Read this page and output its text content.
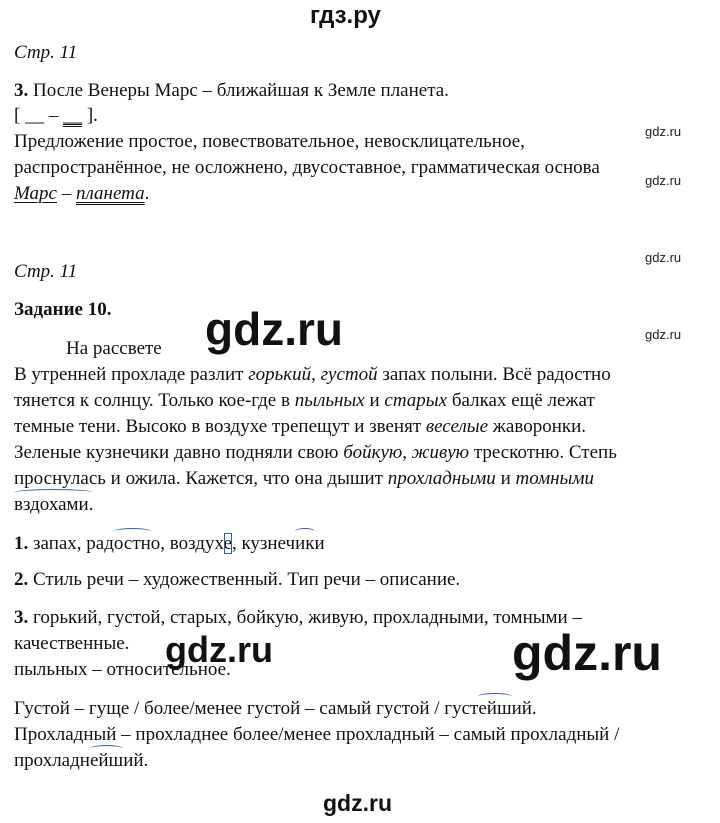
гдз.ру
Стр. 11
3. После Венеры Марс – ближайшая к Земле планета.
[ __ – __ ].
Предложение простое, повествовательное, невосклицательное,
распространённое, не осложнено, двусоставное, грамматическая основа
Марс – планета.
Стр. 11
Задание 10.
На рассвете
В утренней прохладе разлит горький, густой запах полыни. Всё радостно
тянется к солнцу. Только кое-где в пыльных и старых балках ещё лежат
темные тени. Высоко в воздухе трепещут и звенят веселые жаворонки.
Зеленые кузнечики давно подняли свою бойкую, живую трескотню. Степь
проснулась и ожила. Кажется, что она дышит прохладными и томными
вздохами.
1. запах, радостно, воздухе, кузнечики
2. Стиль речи – художественный. Тип речи – описание.
3. горький, густой, старых, бойкую, живую, прохладными, томными –
качественные.
пыльных – относительное.
Густой – гуще / более/менее густой – самый густой / густейший.
Прохладный – прохладнее более/менее прохладный – самый прохладный /
прохладнейший.
gdz.ru
gdz.ru
gdz.ru
gdz.ru
gdz.ru
gdz.ru	gdz.ru
gdz.ru
